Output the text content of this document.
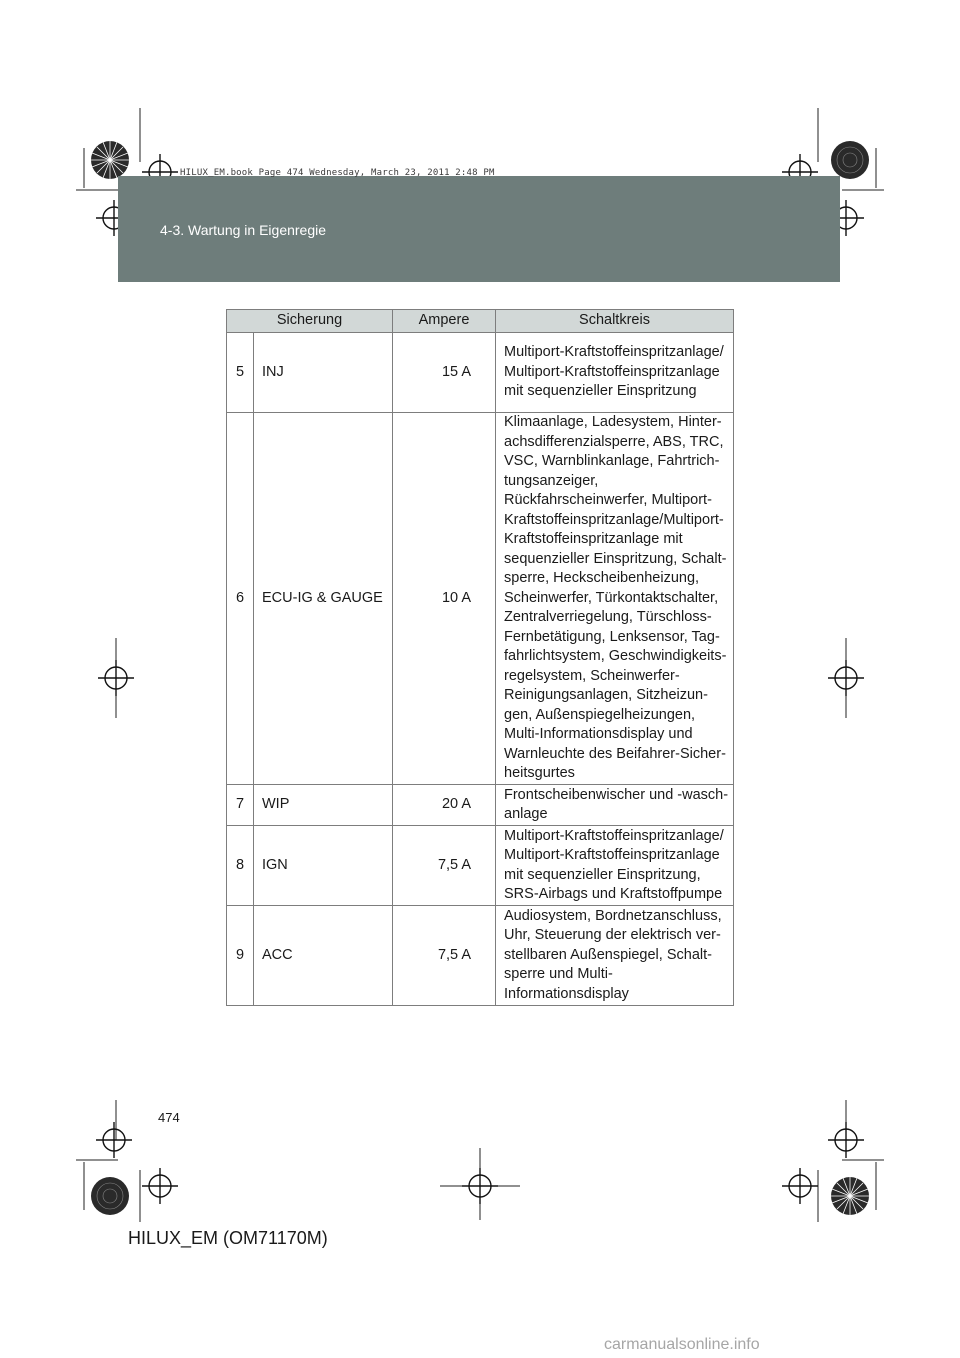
HILUX_EM.book Page 474 Wednesday, March 23, 2011 2:48 PM
4-3. Wartung in Eigenregie
Sicherung		Ampere	Schaltkreis
5	INJ	15 A	Multiport-Kraftstoffeinspritzanlage/ Multiport-Kraftstoffeinspritzanlage mit sequenzieller Einspritzung
6	ECU-IG & GAUGE	10 A	Klimaanlage, Ladesystem, Hinterachsdifferenzialsperre, ABS, TRC, VSC, Warnblinkanlage, Fahrtrichtungsanzeiger, Rückfahrscheinwerfer, Multiport-Kraftstoffeinspritzanlage/Multiport-Kraftstoffeinspritzanlage mit sequenzieller Einspritzung, Schaltsperre, Heckscheibenheizung, Scheinwerfer, Türkontaktschalter, Zentralverriegelung, Türschloss-Fernbetätigung, Lenksensor, Tagfahrlichtsystem, Geschwindigkeitsregelsystem, Scheinwerfer-Reinigungsanlagen, Sitzheizungen, Außenspiegelheizungen, Multi-Informationsdisplay und Warnleuchte des Beifahrer-Sicherheitsgurtes
7	WIP	20 A	Frontscheibenwischer und -waschanlage
8	IGN	7,5 A	Multiport-Kraftstoffeinspritzanlage/ Multiport-Kraftstoffeinspritzanlage mit sequenzieller Einspritzung, SRS-Airbags und Kraftstoffpumpe
9	ACC	7,5 A	Audiosystem, Bordnetzanschluss, Uhr, Steuerung der elektrisch verstellbaren Außenspiegel, Schaltsperre und Multi-Informationsdisplay
474
HILUX_EM (OM71170M)
carmanualsonline.info
